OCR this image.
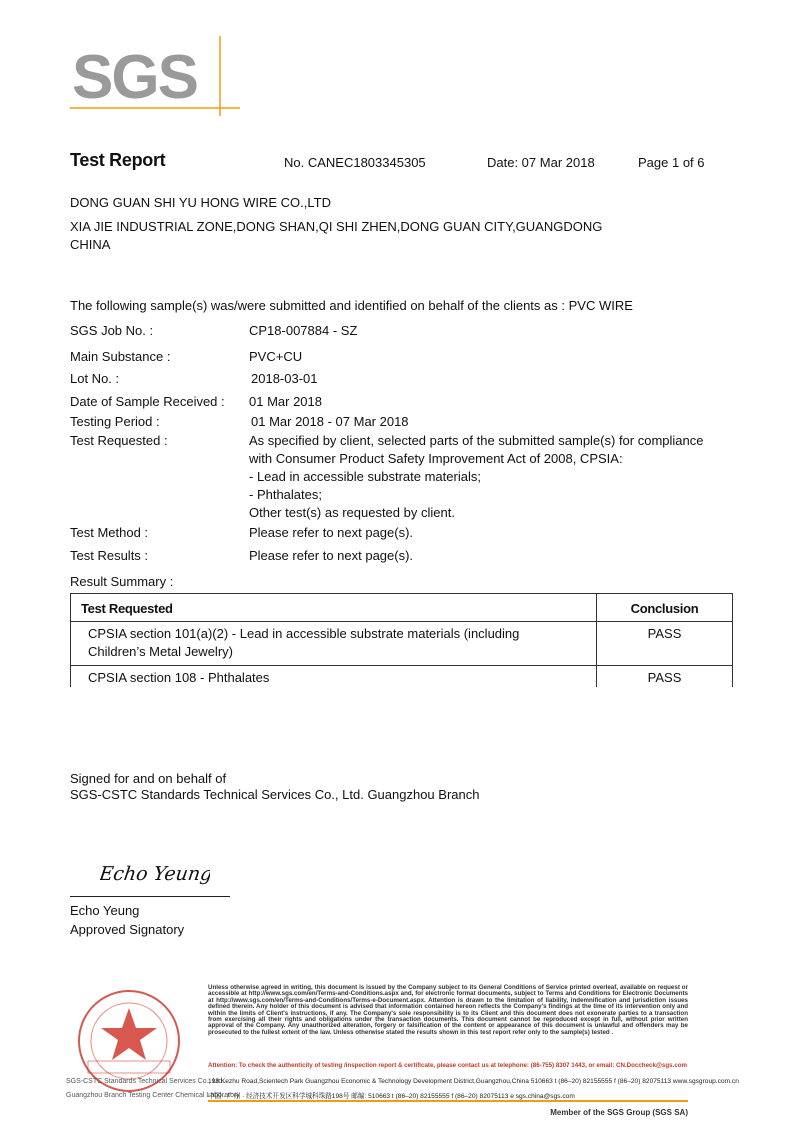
SGS
Test Report	No. CANEC1803345305	Date: 07 Mar 2018	Page 1 of 6
DONG GUAN SHI YU HONG WIRE CO.,LTD
XIA JIE INDUSTRIAL ZONE,DONG SHAN,QI SHI ZHEN,DONG GUAN CITY,GUANGDONG
CHINA
The following sample(s) was/were submitted and identified on behalf of the clients as : PVC WIRE
SGS Job No. :	CP18-007884 - SZ
Main Substance :	PVC+CU
Lot No. :	2018-03-01
Date of Sample Received : 01 Mar 2018
Testing Period :	01 Mar 2018 - 07 Mar 2018
Test Requested :	As specified by client, selected parts of the submitted sample(s) for compliance
with Consumer Product Safety Improvement Act of 2008, CPSIA:
- Lead in accessible substrate materials;
- Phthalates;
Other test(s) as requested by client.
Test Method :	Please refer to next page(s).
Test Results :	Please refer to next page(s).
Result Summary :
Test Requested	Conclusion

CPSIA section 101(a)(2) - Lead in accessible substrate materials (including
Children’s Metal Jewelry)	PASS
CPSIA section 108 - Phthalates	PASS
Signed for and on behalf of
SGS-CSTC Standards Technical Services Co., Ltd. Guangzhou Branch
Echo Yeung
Echo Yeung
Approved Signatory
SGS-CSTC Standards Technical Services Co., Ltd.
Guangzhou Branch Testing Center Chemical Laboratory
Unless otherwise agreed in writing, this document is issued by the Company subject to its General Conditions of Service printed overleaf, available on request or accessible at http://www.sgs.com/en/Terms-and-Conditions.aspx and, for electronic format documents, subject to Terms and Conditions for Electronic Documents at http://www.sgs.com/en/Terms-and-Conditions/Terms-e-Document.aspx. Attention is drawn to the limitation of liability, indemnification and jurisdiction issues defined therein. Any holder of this document is advised that information contained hereon reflects the Company's findings at the time of its intervention only and within the limits of Client's instructions, if any. The Company's sole responsibility is to its Client and this document does not exonerate parties to a transaction from exercising all their rights and obligations under the transaction documents. This document cannot be reproduced except in full, without prior written approval of the Company. Any unauthorized alteration, forgery or falsification of the content or appearance of this document is unlawful and offenders may be prosecuted to the fullest extent of the law. Unless otherwise stated the results shown in this test report refer only to the sample(s) tested .
Attention: To check the authenticity of testing /inspection report & certificate, please contact us at telephone: (86-755) 8307 1443, or email: CN.Doccheck@sgs.com
198 Kezhu Road,Scientech Park Guangzhou Economic & Technology Development District,Guangzhou,China 510663 t (86–20) 82155555 f (86–20) 82075113 www.sgsgroup.com.cn
中国 · 广州 · 经济技术开发区科学城科珠路198号 邮编: 510663 t (86–20) 82155555 f (86–20) 82075113 e sgs.china@sgs.com
Member of the SGS Group (SGS SA)
